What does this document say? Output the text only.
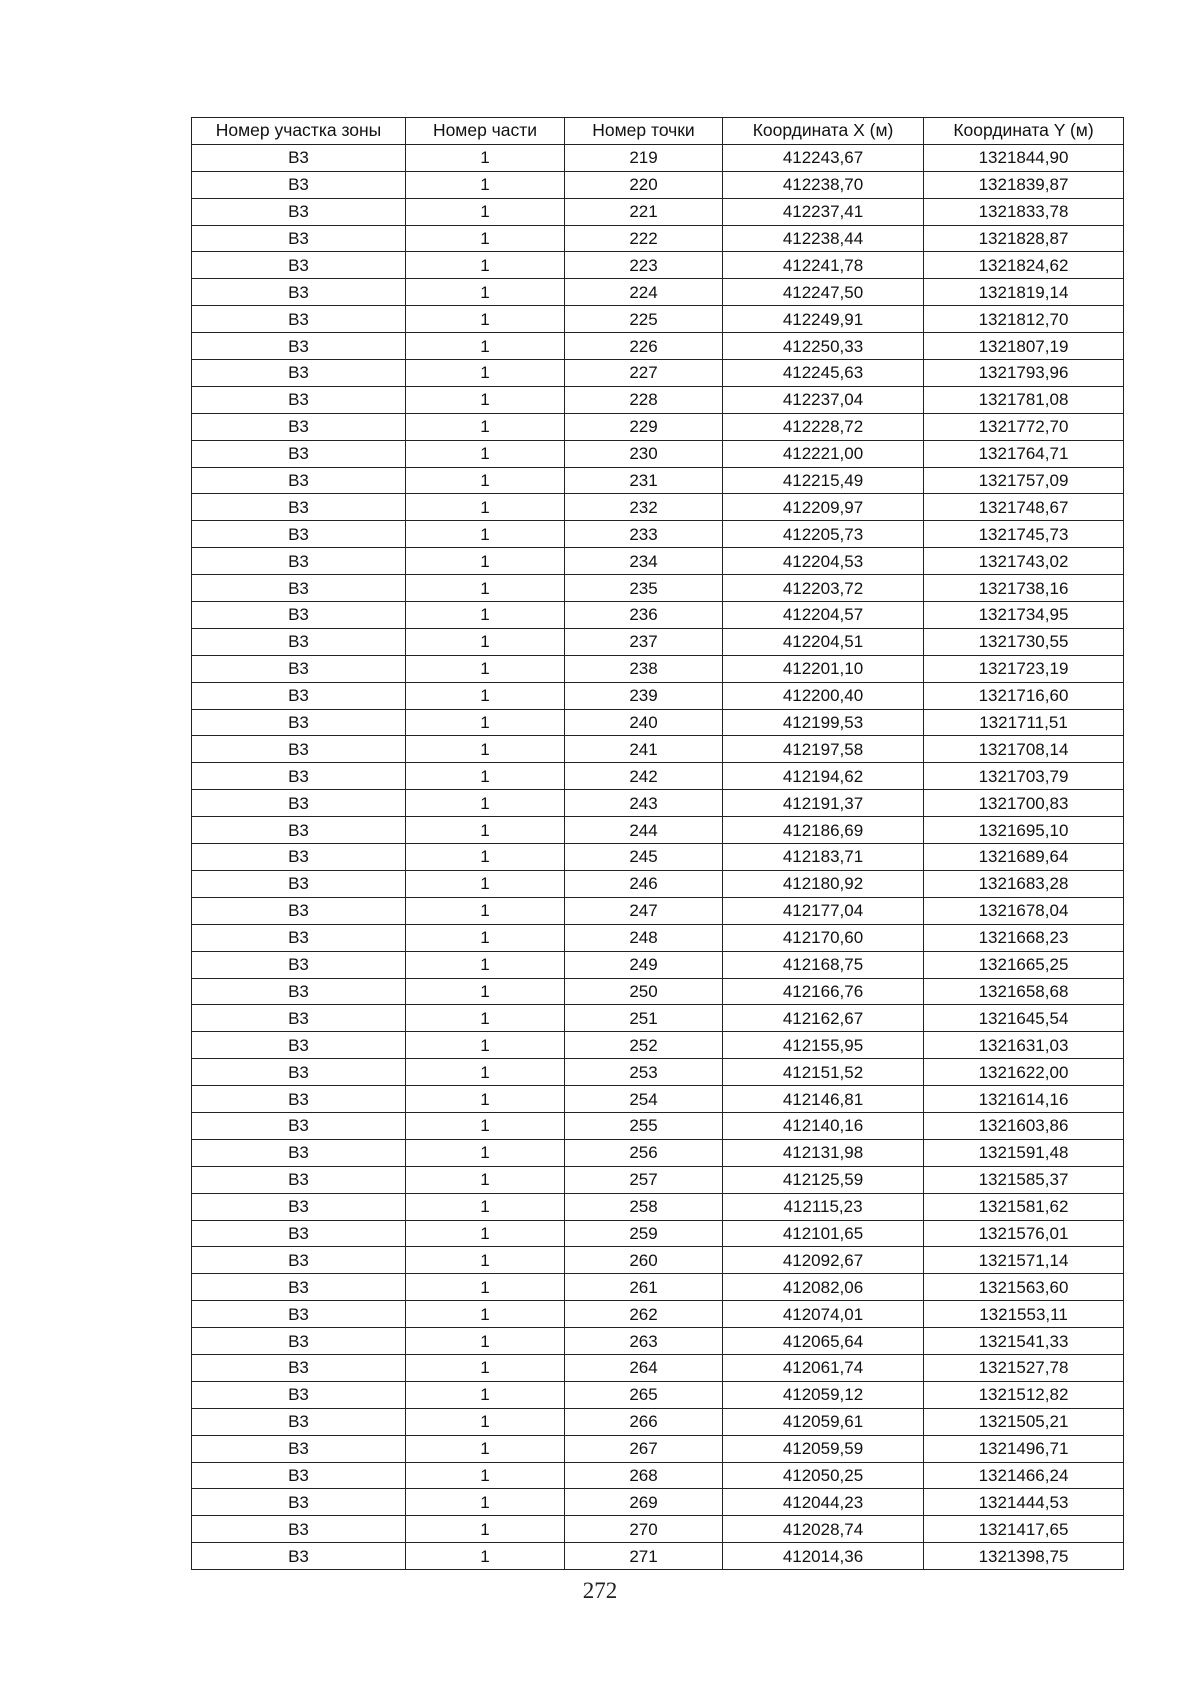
Номер участка зоны	Номер части	Номер точки	Координата X (м)	Координата Y (м)
В3	1	219	412243,67	1321844,90
В3	1	220	412238,70	1321839,87
В3	1	221	412237,41	1321833,78
В3	1	222	412238,44	1321828,87
В3	1	223	412241,78	1321824,62
В3	1	224	412247,50	1321819,14
В3	1	225	412249,91	1321812,70
В3	1	226	412250,33	1321807,19
В3	1	227	412245,63	1321793,96
В3	1	228	412237,04	1321781,08
В3	1	229	412228,72	1321772,70
В3	1	230	412221,00	1321764,71
В3	1	231	412215,49	1321757,09
В3	1	232	412209,97	1321748,67
В3	1	233	412205,73	1321745,73
В3	1	234	412204,53	1321743,02
В3	1	235	412203,72	1321738,16
В3	1	236	412204,57	1321734,95
В3	1	237	412204,51	1321730,55
В3	1	238	412201,10	1321723,19
В3	1	239	412200,40	1321716,60
В3	1	240	412199,53	1321711,51
В3	1	241	412197,58	1321708,14
В3	1	242	412194,62	1321703,79
В3	1	243	412191,37	1321700,83
В3	1	244	412186,69	1321695,10
В3	1	245	412183,71	1321689,64
В3	1	246	412180,92	1321683,28
В3	1	247	412177,04	1321678,04
В3	1	248	412170,60	1321668,23
В3	1	249	412168,75	1321665,25
В3	1	250	412166,76	1321658,68
В3	1	251	412162,67	1321645,54
В3	1	252	412155,95	1321631,03
В3	1	253	412151,52	1321622,00
В3	1	254	412146,81	1321614,16
В3	1	255	412140,16	1321603,86
В3	1	256	412131,98	1321591,48
В3	1	257	412125,59	1321585,37
В3	1	258	412115,23	1321581,62
В3	1	259	412101,65	1321576,01
В3	1	260	412092,67	1321571,14
В3	1	261	412082,06	1321563,60
В3	1	262	412074,01	1321553,11
В3	1	263	412065,64	1321541,33
В3	1	264	412061,74	1321527,78
В3	1	265	412059,12	1321512,82
В3	1	266	412059,61	1321505,21
В3	1	267	412059,59	1321496,71
В3	1	268	412050,25	1321466,24
В3	1	269	412044,23	1321444,53
В3	1	270	412028,74	1321417,65
В3	1	271	412014,36	1321398,75
272
